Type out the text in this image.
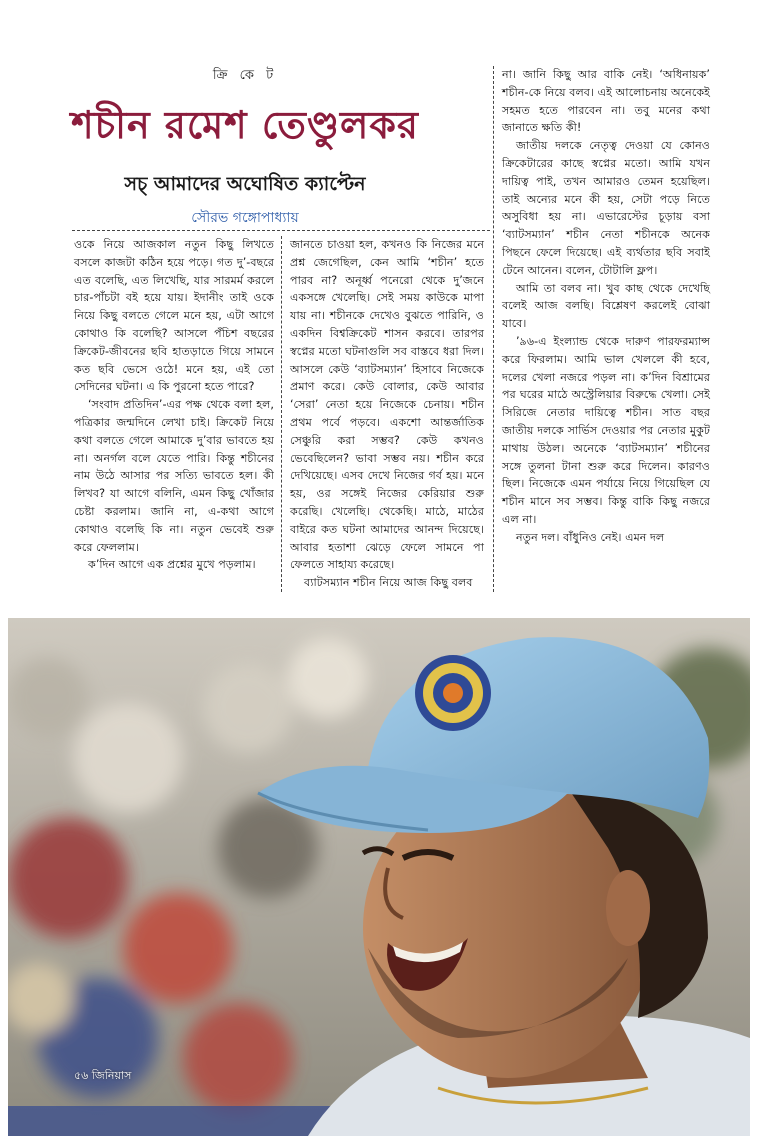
ক্রি কে ট
শচীন রমেশ তেণ্ডুলকর
সচ্ আমাদের অঘোষিত ক্যাপ্টেন
সৌরভ গঙ্গোপাধ্যায়

ওকে নিয়ে আজকাল নতুন কিছু লিখতে বসলে কাজটা কঠিন হয়ে পড়ে। গত দু’-বছরে এত বলেছি, এত লিখেছি, যার সারমর্ম করলে চার-পাঁচটা বই হয়ে যায়। ইদানীং তাই ওকে নিয়ে কিছু বলতে গেলে মনে হয়, এটা আগে কোথাও কি বলেছি? আসলে পঁচিশ বছরের ক্রিকেট-জীবনের ছবি হাতড়াতে গিয়ে সামনে কত ছবি ভেসে ওঠে! মনে হয়, এই তো সেদিনের ঘটনা। এ কি পুরনো হতে পারে?

‘সংবাদ প্রতিদিন’-এর পক্ষ থেকে বলা হল, পত্রিকার জন্মদিনে লেখা চাই। ক্রিকেট নিয়ে কথা বলতে গেলে আমাকে দু’বার ভাবতে হয় না। অনর্গল বলে যেতে পারি। কিন্তু শচীনের নাম উঠে আসার পর সত্যি ভাবতে হল। কী লিখব? যা আগে বলিনি, এমন কিছু খোঁজার চেষ্টা করলাম। জানি না, এ-কথা আগে কোথাও বলেছি কি না। নতুন ভেবেই শুরু করে ফেললাম।

ক’দিন আগে এক প্রশ্নের মুখে পড়লাম।

জানতে চাওয়া হল, কখনও কি নিজের মনে প্রশ্ন জেগেছিল, কেন আমি ‘শচীন’ হতে পারব না? অনূর্ধ্ব পনেরো থেকে দু’জনে একসঙ্গে খেলেছি। সেই সময় কাউকে মাপা যায় না। শচীনকে দেখেও বুঝতে পারিনি, ও একদিন বিশ্বক্রিকেট শাসন করবে। তারপর স্বপ্নের মতো ঘটনাগুলি সব বাস্তবে ধরা দিল। আসলে কেউ ‘ব্যাটসম্যান’ হিসাবে নিজেকে প্রমাণ করে। কেউ বোলার, কেউ আবার ‘সেরা’ নেতা হয়ে নিজেকে চেনায়। শচীন প্রথম পর্বে পড়বে। একশো আন্তর্জাতিক সেঞ্চুরি করা সম্ভব? কেউ কখনও ভেবেছিলেন? ভাবা সম্ভব নয়। শচীন করে দেখিয়েছে। এসব দেখে নিজের গর্ব হয়। মনে হয়, ওর সঙ্গেই নিজের কেরিয়ার শুরু করেছি। খেলেছি। থেকেছি। মাঠে, মাঠের বাইরে কত ঘটনা আমাদের আনন্দ দিয়েছে। আবার হতাশা ঝেড়ে ফেলে সামনে পা ফেলতে সাহায্য করেছে।

ব্যাটসম্যান শচীন নিয়ে আজ কিছু বলব

না। জানি কিছু আর বাকি নেই। ‘অধিনায়ক’ শচীন-কে নিয়ে বলব। এই আলোচনায় অনেকেই সহমত হতে পারবেন না। তবু মনের কথা জানাতে ক্ষতি কী!

জাতীয় দলকে নেতৃত্ব দেওয়া যে কোনও ক্রিকেটারের কাছে স্বপ্নের মতো। আমি যখন দায়িত্ব পাই, তখন আমারও তেমন হয়েছিল। তাই অন্যের মনে কী হয়, সেটা পড়ে নিতে অসুবিধা হয় না। এভারেস্টের চূড়ায় বসা ‘ব্যাটসম্যান’ শচীন নেতা শচীনকে অনেক পিছনে ফেলে দিয়েছে। এই ব্যর্থতার ছবি সবাই টেনে আনেন। বলেন, টোটালি ফ্লপ।

আমি তা বলব না। খুব কাছ থেকে দেখেছি বলেই আজ বলছি। বিশ্লেষণ করলেই বোঝা যাবে।

’৯৬-এ ইংল্যান্ড থেকে দারুণ পারফরম্যান্স করে ফিরলাম। আমি ভাল খেললে কী হবে, দলের খেলা নজরে পড়ল না। ক’দিন বিশ্রামের পর ঘরের মাঠে অস্ট্রেলিয়ার বিরুদ্ধে খেলা। সেই সিরিজে নেতার দায়িত্বে শচীন। সাত বছর জাতীয় দলকে সার্ভিস দেওয়ার পর নেতার মুকুট মাথায় উঠল। অনেকে ‘ব্যাটসম্যান’ শচীনের সঙ্গে তুলনা টানা শুরু করে দিলেন। কারণও ছিল। নিজেকে এমন পর্যায়ে নিয়ে গিয়েছিল যে শচীন মানে সব সম্ভব। কিন্তু বাকি কিছু নজরে এল না।

নতুন দল। বাঁধুনিও নেই। এমন দল

৫৬ জিনিয়াস
